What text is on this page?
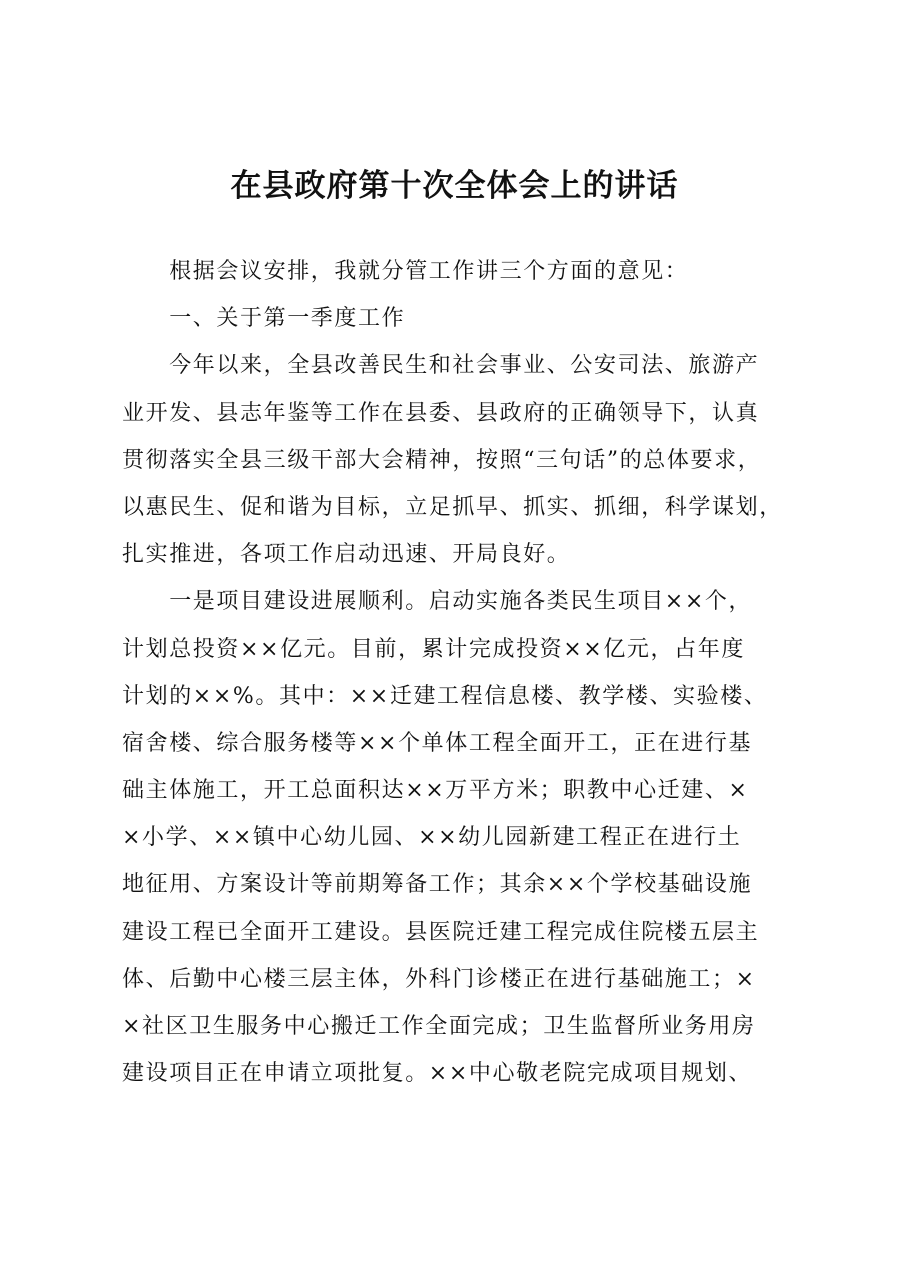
在县政府第十次全体会上的讲话
　　根据会议安排，我就分管工作讲三个方面的意见：
　　一、关于第一季度工作
　　今年以来，全县改善民生和社会事业、公安司法、旅游产
业开发、县志年鉴等工作在县委、县政府的正确领导下，认真
贯彻落实全县三级干部大会精神，按照“三句话”的总体要求，
以惠民生、促和谐为目标，立足抓早、抓实、抓细，科学谋划，
扎实推进，各项工作启动迅速、开局良好。
　　一是项目建设进展顺利。启动实施各类民生项目××个，
计划总投资××亿元。目前，累计完成投资××亿元，占年度
计划的××%。其中：××迁建工程信息楼、教学楼、实验楼、
宿舍楼、综合服务楼等××个单体工程全面开工，正在进行基
础主体施工，开工总面积达××万平方米；职教中心迁建、×
×小学、××镇中心幼儿园、××幼儿园新建工程正在进行土
地征用、方案设计等前期筹备工作；其余××个学校基础设施
建设工程已全面开工建设。县医院迁建工程完成住院楼五层主
体、后勤中心楼三层主体，外科门诊楼正在进行基础施工；×
×社区卫生服务中心搬迁工作全面完成；卫生监督所业务用房
建设项目正在申请立项批复。××中心敬老院完成项目规划、
